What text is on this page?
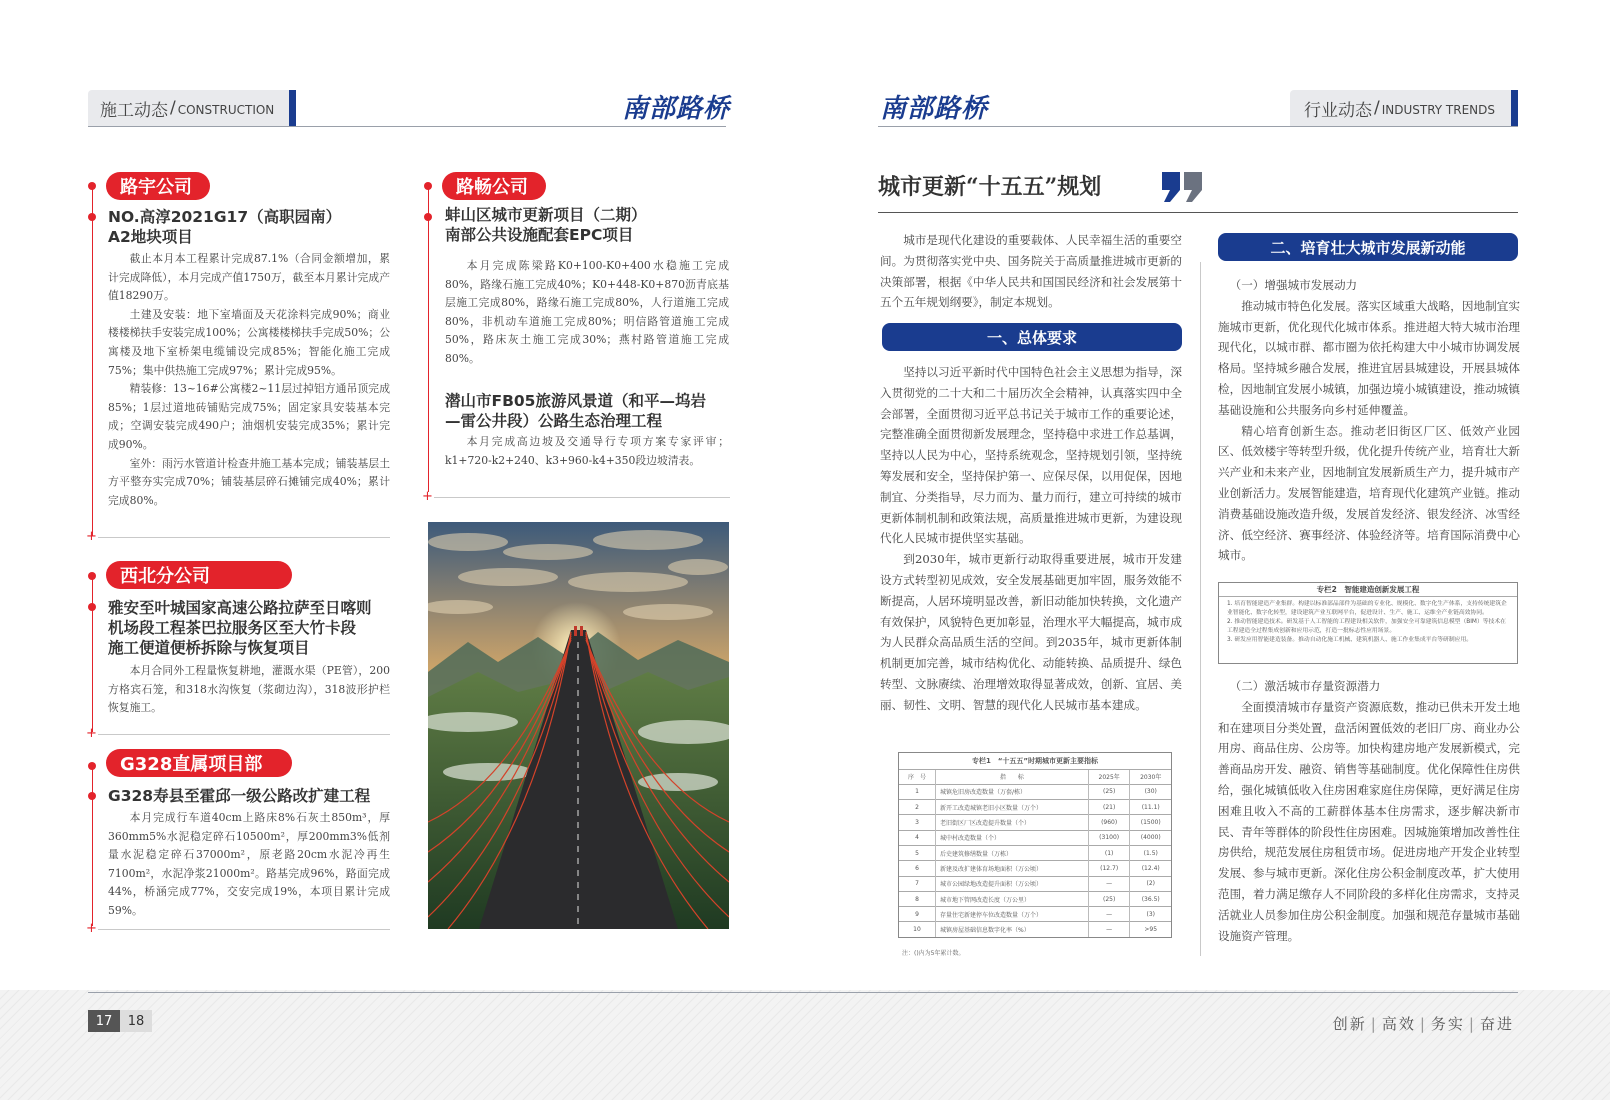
施工动态 / CONSTRUCTION	南部路桥
路宇公司
NO.高淳2021G17（高职园南）
A2地块项目

截止本月本工程累计完成87.1%（合同金额增加，累计完成降低），本月完成产值1750万，截至本月累计完成产值18290万。

土建及安装：地下室墙面及天花涂料完成90%；商业楼楼梯扶手安装完成100%；公寓楼楼梯扶手完成50%；公寓楼及地下室桥架电缆铺设完成85%；智能化施工完成75%；集中供热施工完成97%；累计完成95%。

精装修：13~16#公寓楼2~11层过掉铝方通吊顶完成85%；1层过道地砖铺贴完成75%；固定家具安装基本完成；空调安装完成490户；油烟机安装完成35%；累计完成90%。

室外：雨污水管道计检查井施工基本完成；铺装基层土方平整夯实完成70%；铺装基层碎石摊铺完成40%；累计完成80%。

+
西北分公司
雅安至叶城国家高速公路拉萨至日喀则
机场段工程茶巴拉服务区至大竹卡段
施工便道便桥拆除与恢复项目

本月合同外工程量恢复耕地，灌溉水渠（PE管），200方格宾石笼，和318水沟恢复（浆砌边沟），318波形护栏恢复施工。

+
G328直属项目部
G328寿县至霍邱一级公路改扩建工程

本月完成行车道40cm上路床8%石灰土850m³，厚360mm5%水泥稳定碎石10500m²，厚200mm3%低剂量水泥稳定碎石37000m²，原老路20cm水泥冷再生7100m²，水泥净浆21000m²。路基完成96%，路面完成44%，桥涵完成77%，交安完成19%，本项目累计完成59%。

+
路畅公司
蚌山区城市更新项目（二期）
南部公共设施配套EPC项目

本月完成陈梁路K0+100-K0+400水稳施工完成80%，路缘石施工完成40%；K0+448-K0+870沥青底基层施工完成80%，路缘石施工完成80%，人行道施工完成80%，非机动车道施工完成80%；明信路管道施工完成50%，路床灰土施工完成30%；燕村路管道施工完成80%。

潜山市FB05旅游风景道（和平—坞岩
—雷公井段）公路生态治理工程

本月完成高边坡及交通导行专项方案专家评审；k1+720-k2+240、k3+960-k4+350段边坡清表。

+
南部路桥	行业动态 / INDUSTRY TRENDS
城市更新“十五五”规划

城市是现代化建设的重要载体、人民幸福生活的重要空间。为贯彻落实党中央、国务院关于高质量推进城市更新的决策部署，根据《中华人民共和国国民经济和社会发展第十五个五年规划纲要》，制定本规划。

一、总体要求

坚持以习近平新时代中国特色社会主义思想为指导，深入贯彻党的二十大和二十届历次全会精神，认真落实四中全会部署，全面贯彻习近平总书记关于城市工作的重要论述，完整准确全面贯彻新发展理念，坚持稳中求进工作总基调，坚持以人民为中心，坚持系统观念，坚持规划引领，坚持统筹发展和安全，坚持保护第一、应保尽保，以用促保，因地制宜、分类指导，尽力而为、量力而行，建立可持续的城市更新体制机制和政策法规，高质量推进城市更新，为建设现代化人民城市提供坚实基础。

到2030年，城市更新行动取得重要进展，城市开发建设方式转型初见成效，安全发展基础更加牢固，服务效能不断提高，人居环境明显改善，新旧动能加快转换，文化遗产有效保护，风貌特色更加彰显，治理水平大幅提高，城市成为人民群众高品质生活的空间。到2035年，城市更新体制机制更加完善，城市结构优化、动能转换、品质提升、绿色转型、文脉赓续、治理增效取得显著成效，创新、宜居、美丽、韧性、文明、智慧的现代化人民城市基本建成。

专栏1　“十五五”时期城市更新主要指标			
序　号	指　　标	2025年	2030年
1	城镇危旧房改造数量（万套/栋）	(25)	(30)
2	新开工改造城镇老旧小区数量（万个）	(21)	(11.1)
3	老旧街区厂区改造提升数量（个）	(960)	(1500)
4	城中村改造数量（个）	(3100)	(4000)
5	后史建筑修缮数量（万栋）	(1)	(1.5)
6	新建及改扩建体育场地面积（万公顷）	(12.7)	(12.4)
7	城市公园绿地改造提升面积（万公顷）	—	(2)
8	城市地下管网改造长度（万公里）	(25)	(36.5)
9	存量住宅新建停车位改造数量（万个）	—	(3)
10	城镇房屋基础信息数字化率（%）	—	>95
注：()内为5年累计数。
二、培育壮大城市发展新动能

（一）增强城市发展动力

推动城市特色化发展。落实区域重大战略，因地制宜实施城市更新，优化现代化城市体系。推进超大特大城市治理现代化，以城市群、都市圈为依托构建大中小城市协调发展格局。坚持城乡融合发展，推进宜居县城建设，开展县城体检，因地制宜发展小城镇，加强边境小城镇建设，推动城镇基础设施和公共服务向乡村延伸覆盖。

精心培育创新生态。推动老旧街区厂区、低效产业园区、低效楼宇等转型升级，优化提升传统产业，培育壮大新兴产业和未来产业，因地制宜发展新质生产力，提升城市产业创新活力。发展智能建造，培育现代化建筑产业链。推动消费基础设施改造升级，发展首发经济、银发经济、冰雪经济、低空经济、赛事经济、体验经济等。培育国际消费中心城市。

专栏2　智能建造创新发展工程
1. 培育智能建造产业集群。构建以标准部品部件为基础的专业化、规模化、数字化生产体系，支持传统建筑企业智能化、数字化转型，建设建筑产业互联网平台，促进设计、生产、施工、运维全产业链高效协同。
2. 推动智能建造技术。研发基于人工智能的工程建设相关软件，加强安全可靠建筑信息模型（BIM）等技术在工程建造全过程集成创新和应用示范，打造一批标志性应用场景。
3. 研发应用智能建造装备。推动自动化施工机械、建筑机器人、施工作业集成平台等研制应用。

（二）激活城市存量资源潜力

全面摸清城市存量资产资源底数，推动已供未开发土地和在建项目分类处置，盘活闲置低效的老旧厂房、商业办公用房、商品住房、公房等。加快构建房地产发展新模式，完善商品房开发、融资、销售等基础制度。优化保障性住房供给，强化城镇低收入住房困难家庭住房保障，更好满足住房困难且收入不高的工薪群体基本住房需求，逐步解决新市民、青年等群体的阶段性住房困难。因城施策增加改善性住房供给，规范发展住房租赁市场。促进房地产开发企业转型发展、参与城市更新。深化住房公积金制度改革，扩大使用范围，着力满足缴存人不同阶段的多样化住房需求，支持灵活就业人员参加住房公积金制度。加强和规范存量城市基础设施资产管理。

17	18	创新 | 高效 | 务实 | 奋进
